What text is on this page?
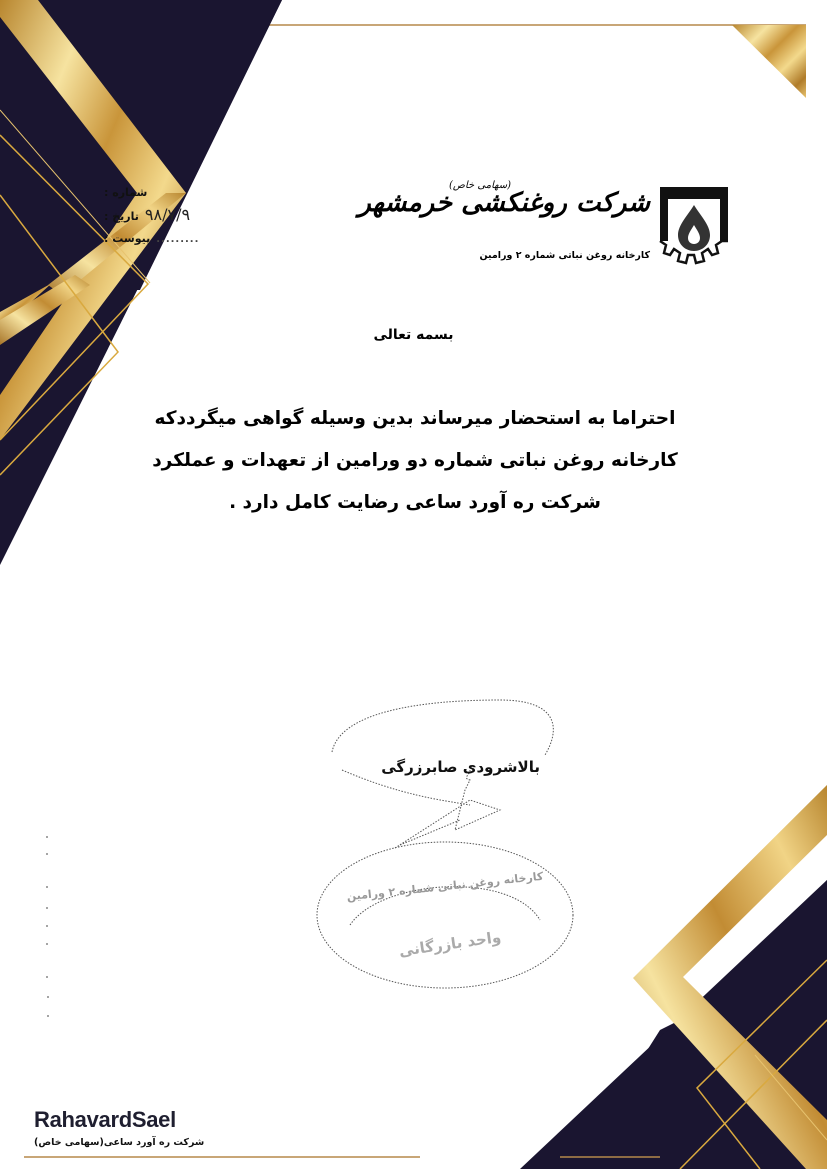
(سهامی خاص)
شرکت روغنکشی خرمشهر
کارخانه روغن نباتی شماره ۲ ورامین
شماره :
تاریخ : ۹۸/۷/۹
پیوست : .........
بسمه تعالی
احتراما به استحضار میرساند بدین وسیله گواهی میگرددکه
کارخانه روغن نباتی شماره دو ورامین از تعهدات و عملکرد
شرکت ره آورد ساعی رضایت کامل دارد .
بالاشرودی صابرزرگی
کارخانه روغن نباتی شماره ۲ ورامین
واحد بازرگانی
RahavardSael
شرکت ره آورد ساعی(سهامی خاص)
